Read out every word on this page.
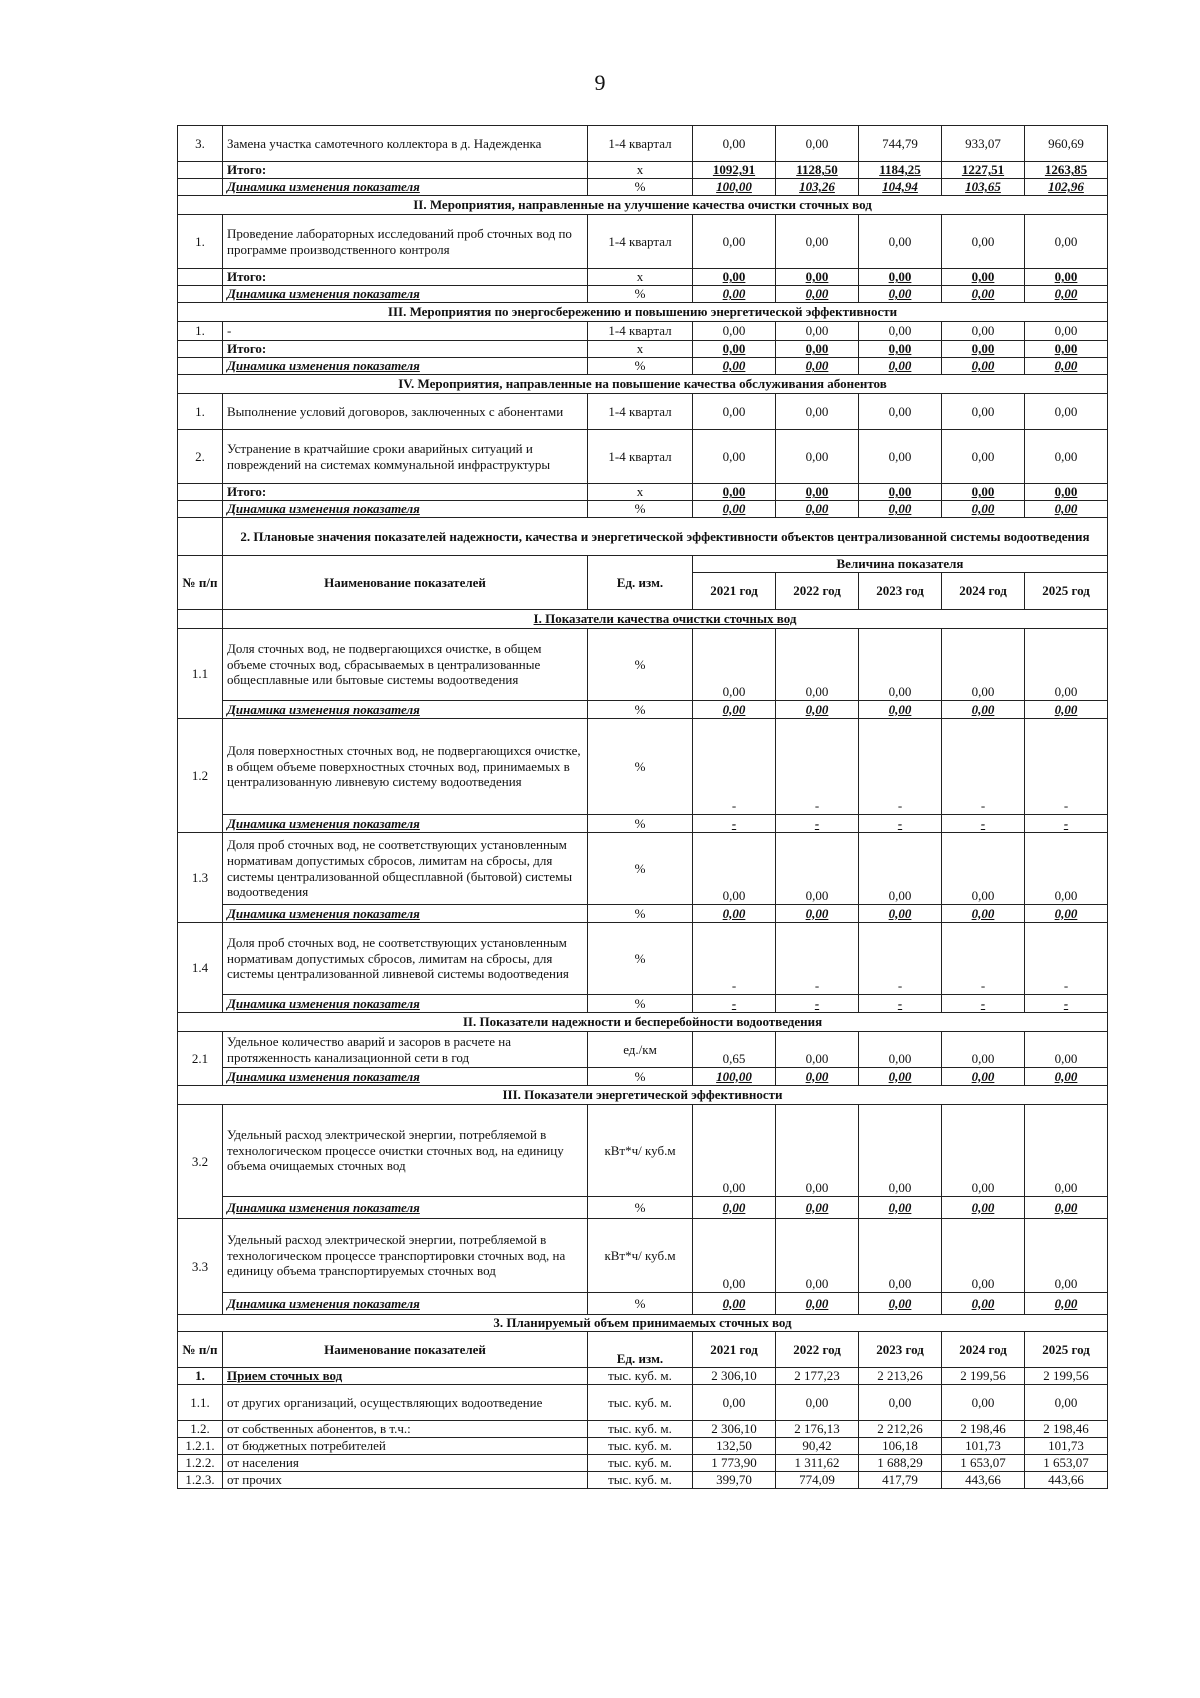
9
3.	Замена участка самотечного коллектора в д. Надежденка	1-4 квартал	0,00	0,00	744,79	933,07	960,69
	Итого:	х	1092,91	1128,50	1184,25	1227,51	1263,85
	Динамика изменения показателя	%	100,00	103,26	104,94	103,65	102,96
II. Мероприятия, направленные на улучшение качества очистки сточных вод							
1.	Проведение лабораторных исследований проб сточных вод по программе производственного контроля	1-4 квартал	0,00	0,00	0,00	0,00	0,00
	Итого:	х	0,00	0,00	0,00	0,00	0,00
	Динамика изменения показателя	%	0,00	0,00	0,00	0,00	0,00
III. Мероприятия по энергосбережению и повышению энергетической эффективности							
1.	-	1-4 квартал	0,00	0,00	0,00	0,00	0,00
	Итого:	х	0,00	0,00	0,00	0,00	0,00
	Динамика изменения показателя	%	0,00	0,00	0,00	0,00	0,00
IV. Мероприятия, направленные на повышение качества обслуживания абонентов							
1.	Выполнение условий договоров, заключенных с абонентами	1-4 квартал	0,00	0,00	0,00	0,00	0,00
2.	Устранение в кратчайшие сроки аварийных ситуаций и повреждений на системах коммунальной инфраструктуры	1-4 квартал	0,00	0,00	0,00	0,00	0,00
	Итого:	х	0,00	0,00	0,00	0,00	0,00
	Динамика изменения показателя	%	0,00	0,00	0,00	0,00	0,00
	2. Плановые значения показателей надежности, качества и энергетической эффективности объектов централизованной системы водоотведения						
№ п/п	Наименование показателей	Ед. изм.	Величина показателя				
			2021 год	2022 год	2023 год	2024 год	2025 год
	I. Показатели качества очистки сточных вод						
1.1	Доля сточных вод, не подвергающихся очистке, в общем объеме сточных вод, сбрасываемых в централизованные общесплавные или бытовые системы водоотведения	%	0,00	0,00	0,00	0,00	0,00
	Динамика изменения показателя	%	0,00	0,00	0,00	0,00	0,00
1.2	Доля поверхностных сточных вод, не подвергающихся очистке, в общем объеме поверхностных сточных вод, принимаемых в централизованную ливневую систему водоотведения	%	-	-	-	-	-
	Динамика изменения показателя	%	-	-	-	-	-
1.3	Доля проб сточных вод, не соответствующих установленным нормативам допустимых сбросов, лимитам на сбросы, для системы централизованной общесплавной (бытовой) системы водоотведения	%	0,00	0,00	0,00	0,00	0,00
	Динамика изменения показателя	%	0,00	0,00	0,00	0,00	0,00
1.4	Доля проб сточных вод, не соответствующих установленным нормативам допустимых сбросов, лимитам на сбросы, для системы централизованной ливневой системы водоотведения	%	-	-	-	-	-
	Динамика изменения показателя	%	-	-	-	-	-
II. Показатели надежности и бесперебойности водоотведения							
2.1	Удельное количество аварий и засоров в расчете на протяженность канализационной сети в год	ед./км	0,65	0,00	0,00	0,00	0,00
	Динамика изменения показателя	%	100,00	0,00	0,00	0,00	0,00
III. Показатели энергетической эффективности							
3.2	Удельный расход электрической энергии, потребляемой в технологическом процессе очистки сточных вод, на единицу объема очищаемых сточных вод	кВт*ч/ куб.м	0,00	0,00	0,00	0,00	0,00
	Динамика изменения показателя	%	0,00	0,00	0,00	0,00	0,00
3.3	Удельный расход электрической энергии, потребляемой в технологическом процессе транспортировки сточных вод, на единицу объема транспортируемых сточных вод	кВт*ч/ куб.м	0,00	0,00	0,00	0,00	0,00
	Динамика изменения показателя	%	0,00	0,00	0,00	0,00	0,00
3. Планируемый объем принимаемых сточных вод							
№ п/п	Наименование показателей	Ед. изм.	2021 год	2022 год	2023 год	2024 год	2025 год
1.	Прием сточных вод	тыс. куб. м.	2 306,10	2 177,23	2 213,26	2 199,56	2 199,56
1.1.	от других организаций, осуществляющих водоотведение	тыс. куб. м.	0,00	0,00	0,00	0,00	0,00
1.2.	от собственных абонентов, в т.ч.:	тыс. куб. м.	2 306,10	2 176,13	2 212,26	2 198,46	2 198,46
1.2.1.	от бюджетных потребителей	тыс. куб. м.	132,50	90,42	106,18	101,73	101,73
1.2.2.	от населения	тыс. куб. м.	1 773,90	1 311,62	1 688,29	1 653,07	1 653,07
1.2.3.	от прочих	тыс. куб. м.	399,70	774,09	417,79	443,66	443,66
